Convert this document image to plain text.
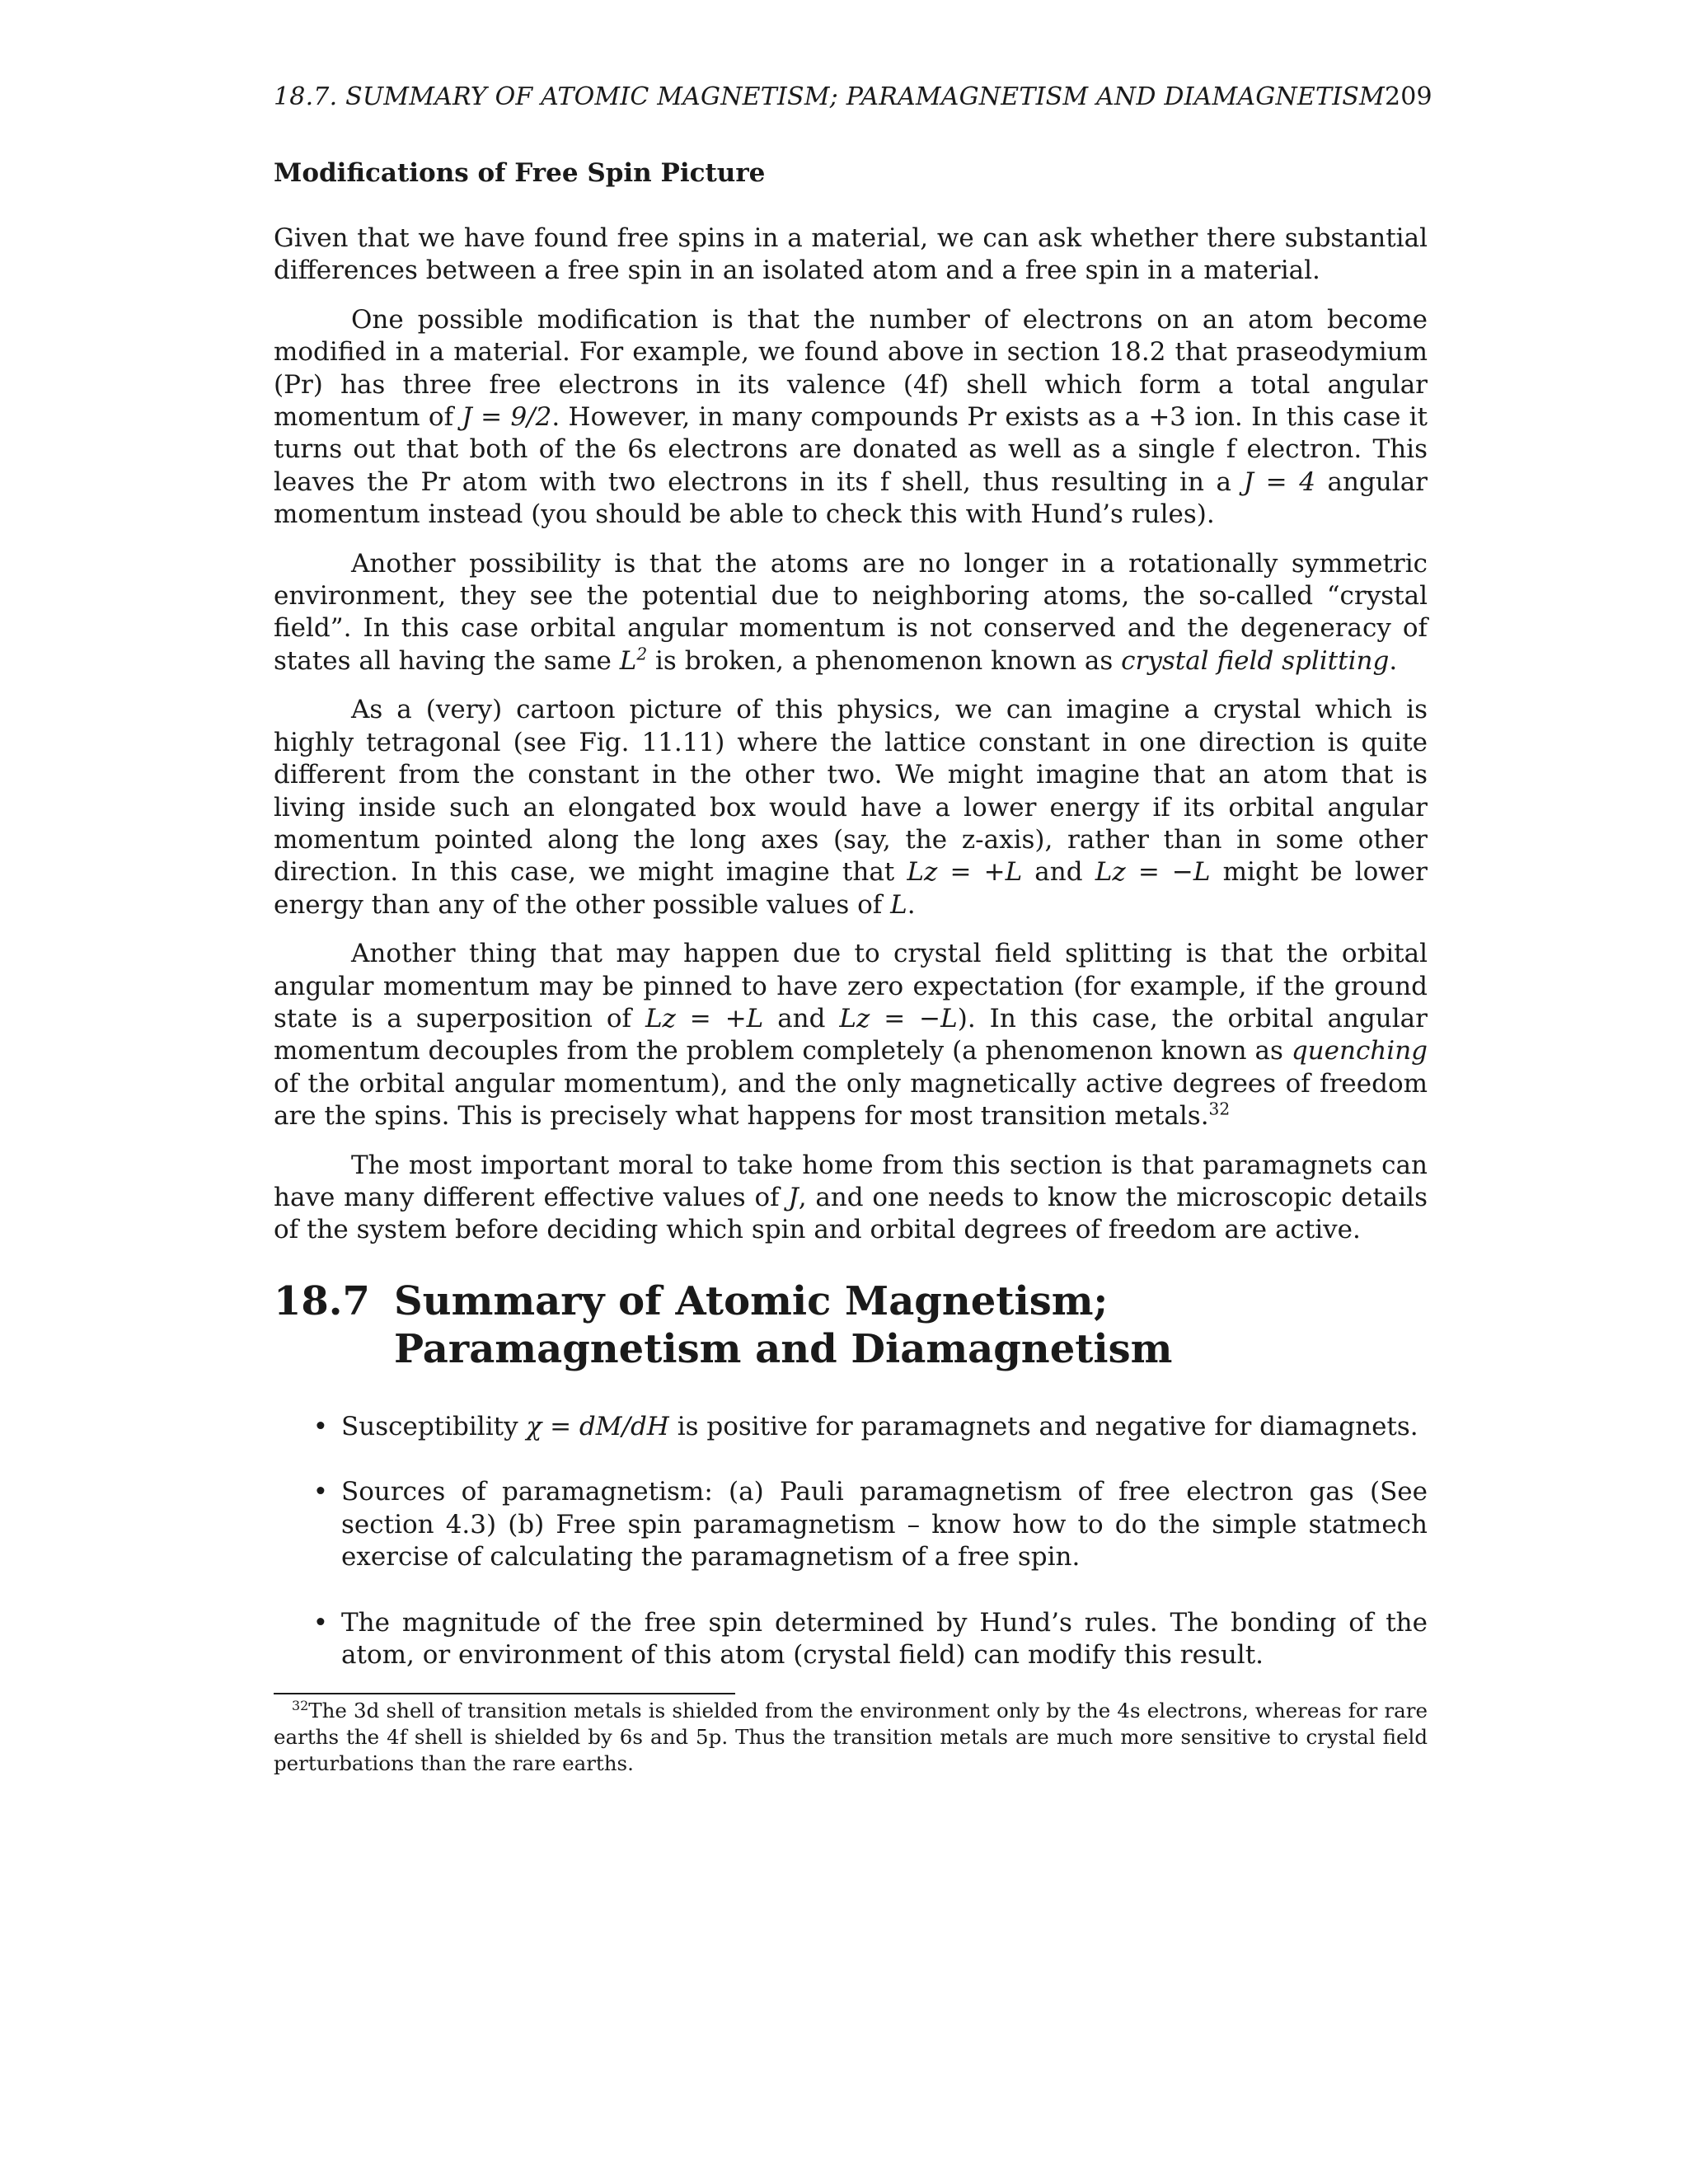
18.7. SUMMARY OF ATOMIC MAGNETISM; PARAMAGNETISM AND DIAMAGNETISM 209
Modifications of Free Spin Picture

Given that we have found free spins in a material, we can ask whether there substantial differences between a free spin in an isolated atom and a free spin in a material.

One possible modification is that the number of electrons on an atom become modified in a material. For example, we found above in section 18.2 that praseodymium (Pr) has three free electrons in its valence (4f) shell which form a total angular momentum of J = 9/2. However, in many compounds Pr exists as a +3 ion. In this case it turns out that both of the 6s electrons are donated as well as a single f electron. This leaves the Pr atom with two electrons in its f shell, thus resulting in a J = 4 angular momentum instead (you should be able to check this with Hund’s rules).

Another possibility is that the atoms are no longer in a rotationally symmetric environment, they see the potential due to neighboring atoms, the so-called “crystal field”. In this case orbital angular momentum is not conserved and the degeneracy of states all having the same $L^2$ is broken, a phenomenon known as crystal field splitting.

As a (very) cartoon picture of this physics, we can imagine a crystal which is highly tetragonal (see Fig. 11.11) where the lattice constant in one direction is quite different from the constant in the other two. We might imagine that an atom that is living inside such an elongated box would have a lower energy if its orbital angular momentum pointed along the long axes (say, the z-axis), rather than in some other direction. In this case, we might imagine that Lz = +L and Lz = −L might be lower energy than any of the other possible values of L.

Another thing that may happen due to crystal field splitting is that the orbital angular momentum may be pinned to have zero expectation (for example, if the ground state is a superposition of Lz = +L and Lz = −L). In this case, the orbital angular momentum decouples from the problem completely (a phenomenon known as quenching of the orbital angular momentum), and the only magnetically active degrees of freedom are the spins. This is precisely what happens for most transition metals.$^{32}$

The most important moral to take home from this section is that paramagnets can have many different effective values of J, and one needs to know the microscopic details of the system before deciding which spin and orbital degrees of freedom are active.

18.7 Summary of Atomic Magnetism; Paramagnetism and Diamagnetism
• Susceptibility χ = dM/dH is positive for paramagnets and negative for diamagnets.
• Sources of paramagnetism: (a) Pauli paramagnetism of free electron gas (See section 4.3) (b) Free spin paramagnetism – know how to do the simple statmech exercise of calculating the paramagnetism of a free spin.
• The magnitude of the free spin determined by Hund’s rules. The bonding of the atom, or environment of this atom (crystal field) can modify this result.
$^{32}$The 3d shell of transition metals is shielded from the environment only by the 4s electrons, whereas for rare earths the 4f shell is shielded by 6s and 5p. Thus the transition metals are much more sensitive to crystal field perturbations than the rare earths.
